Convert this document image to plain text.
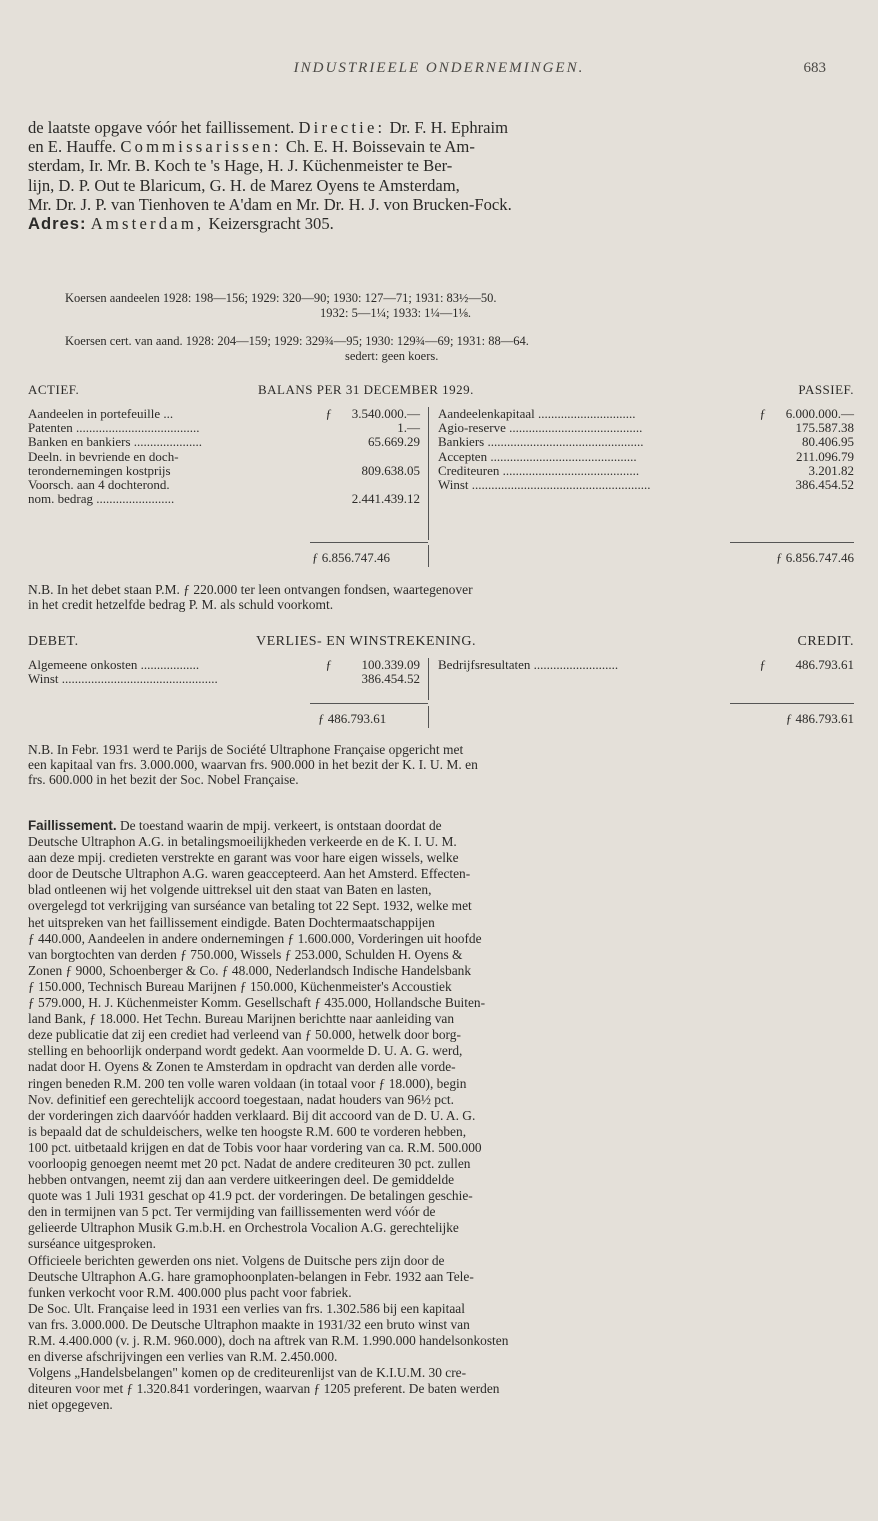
INDUSTRIEELE ONDERNEMINGEN.	683
de laatste opgave vóór het faillissement. Directie: Dr. F. H. Ephraim
en E. Hauffe. Commissarissen: Ch. E. H. Boissevain te Am-
sterdam, Ir. Mr. B. Koch te 's Hage, H. J. Küchenmeister te Ber-
lijn, D. P. Out te Blaricum, G. H. de Marez Oyens te Amsterdam,
Mr. Dr. J. P. van Tienhoven te A'dam en Mr. Dr. H. J. von Brucken-Fock.
Adres: Amsterdam, Keizersgracht 305.
Koersen aandeelen 1928: 198—156; 1929: 320—90; 1930: 127—71; 1931: 83½—50.
1932: 5—1¼; 1933: 1¼—1⅛.
Koersen cert. van aand. 1928: 204—159; 1929: 329¾—95; 1930: 129¾—69; 1931: 88—64.
sedert: geen koers.
ACTIEF.	BALANS PER 31 DECEMBER 1929.	PASSIEF.
Aandeelen in portefeuille ...	ƒ 3.540.000.—
Patenten ......................................	1.—
Banken en bankiers .....................	65.669.29
Deeln. in bevriende en doch-
terondernemingen kostprijs	809.638.05
Voorsch. aan 4 dochterond.
nom. bedrag ........................	2.441.439.12
Aandeelenkapitaal ..............................	ƒ 6.000.000.—
Agio-reserve .........................................	175.587.38
Bankiers ................................................	80.406.95
Accepten .............................................	211.096.79
Crediteuren ..........................................	3.201.82
Winst .......................................................	386.454.52
ƒ 6.856.747.46	ƒ 6.856.747.46
N.B. In het debet staan P.M. ƒ 220.000 ter leen ontvangen fondsen, waartegenover
in het credit hetzelfde bedrag P. M. als schuld voorkomt.
DEBET.	VERLIES- EN WINSTREKENING.	CREDIT.
Algemeene onkosten ..................	ƒ 100.339.09
Winst ................................................	386.454.52
Bedrijfsresultaten ..........................	ƒ 486.793.61
ƒ 486.793.61	ƒ 486.793.61
N.B. In Febr. 1931 werd te Parijs de Société Ultraphone Française opgericht met
een kapitaal van frs. 3.000.000, waarvan frs. 900.000 in het bezit der K. I. U. M. en
frs. 600.000 in het bezit der Soc. Nobel Française.
Faillissement. De toestand waarin de mpij. verkeert, is ontstaan doordat de
Deutsche Ultraphon A.G. in betalingsmoeilijkheden verkeerde en de K. I. U. M.
aan deze mpij. credieten verstrekte en garant was voor hare eigen wissels, welke
door de Deutsche Ultraphon A.G. waren geaccepteerd. Aan het Amsterd. Effecten-
blad ontleenen wij het volgende uittreksel uit den staat van Baten en lasten,
overgelegd tot verkrijging van surséance van betaling tot 22 Sept. 1932, welke met
het uitspreken van het faillissement eindigde. Baten Dochtermaatschappijen
ƒ 440.000, Aandeelen in andere ondernemingen ƒ 1.600.000, Vorderingen uit hoofde
van borgtochten van derden ƒ 750.000, Wissels ƒ 253.000, Schulden H. Oyens &
Zonen ƒ 9000, Schoenberger & Co. ƒ 48.000, Nederlandsch Indische Handelsbank
ƒ 150.000, Technisch Bureau Marijnen ƒ 150.000, Küchenmeister's Accoustiek
ƒ 579.000, H. J. Küchenmeister Komm. Gesellschaft ƒ 435.000, Hollandsche Buiten-
land Bank, ƒ 18.000. Het Techn. Bureau Marijnen berichtte naar aanleiding van
deze publicatie dat zij een crediet had verleend van ƒ 50.000, hetwelk door borg-
stelling en behoorlijk onderpand wordt gedekt. Aan voormelde D. U. A. G. werd,
nadat door H. Oyens & Zonen te Amsterdam in opdracht van derden alle vorde-
ringen beneden R.M. 200 ten volle waren voldaan (in totaal voor ƒ 18.000), begin
Nov. definitief een gerechtelijk accoord toegestaan, nadat houders van 96½ pct.
der vorderingen zich daarvóór hadden verklaard. Bij dit accoord van de D. U. A. G.
is bepaald dat de schuldeischers, welke ten hoogste R.M. 600 te vorderen hebben,
100 pct. uitbetaald krijgen en dat de Tobis voor haar vordering van ca. R.M. 500.000
voorloopig genoegen neemt met 20 pct. Nadat de andere crediteuren 30 pct. zullen
hebben ontvangen, neemt zij dan aan verdere uitkeeringen deel. De gemiddelde
quote was 1 Juli 1931 geschat op 41.9 pct. der vorderingen. De betalingen geschie-
den in termijnen van 5 pct. Ter vermijding van faillissementen werd vóór de
gelieerde Ultraphon Musik G.m.b.H. en Orchestrola Vocalion A.G. gerechtelijke
surséance uitgesproken.
Officieele berichten gewerden ons niet. Volgens de Duitsche pers zijn door de
Deutsche Ultraphon A.G. hare gramophoonplaten-belangen in Febr. 1932 aan Tele-
funken verkocht voor R.M. 400.000 plus pacht voor fabriek.
De Soc. Ult. Française leed in 1931 een verlies van frs. 1.302.586 bij een kapitaal
van frs. 3.000.000. De Deutsche Ultraphon maakte in 1931/32 een bruto winst van
R.M. 4.400.000 (v. j. R.M. 960.000), doch na aftrek van R.M. 1.990.000 handelsonkosten
en diverse afschrijvingen een verlies van R.M. 2.450.000.
Volgens „Handelsbelangen" komen op de crediteurenlijst van de K.I.U.M. 30 cre-
diteuren voor met ƒ 1.320.841 vorderingen, waarvan ƒ 1205 preferent. De baten werden
niet opgegeven.
